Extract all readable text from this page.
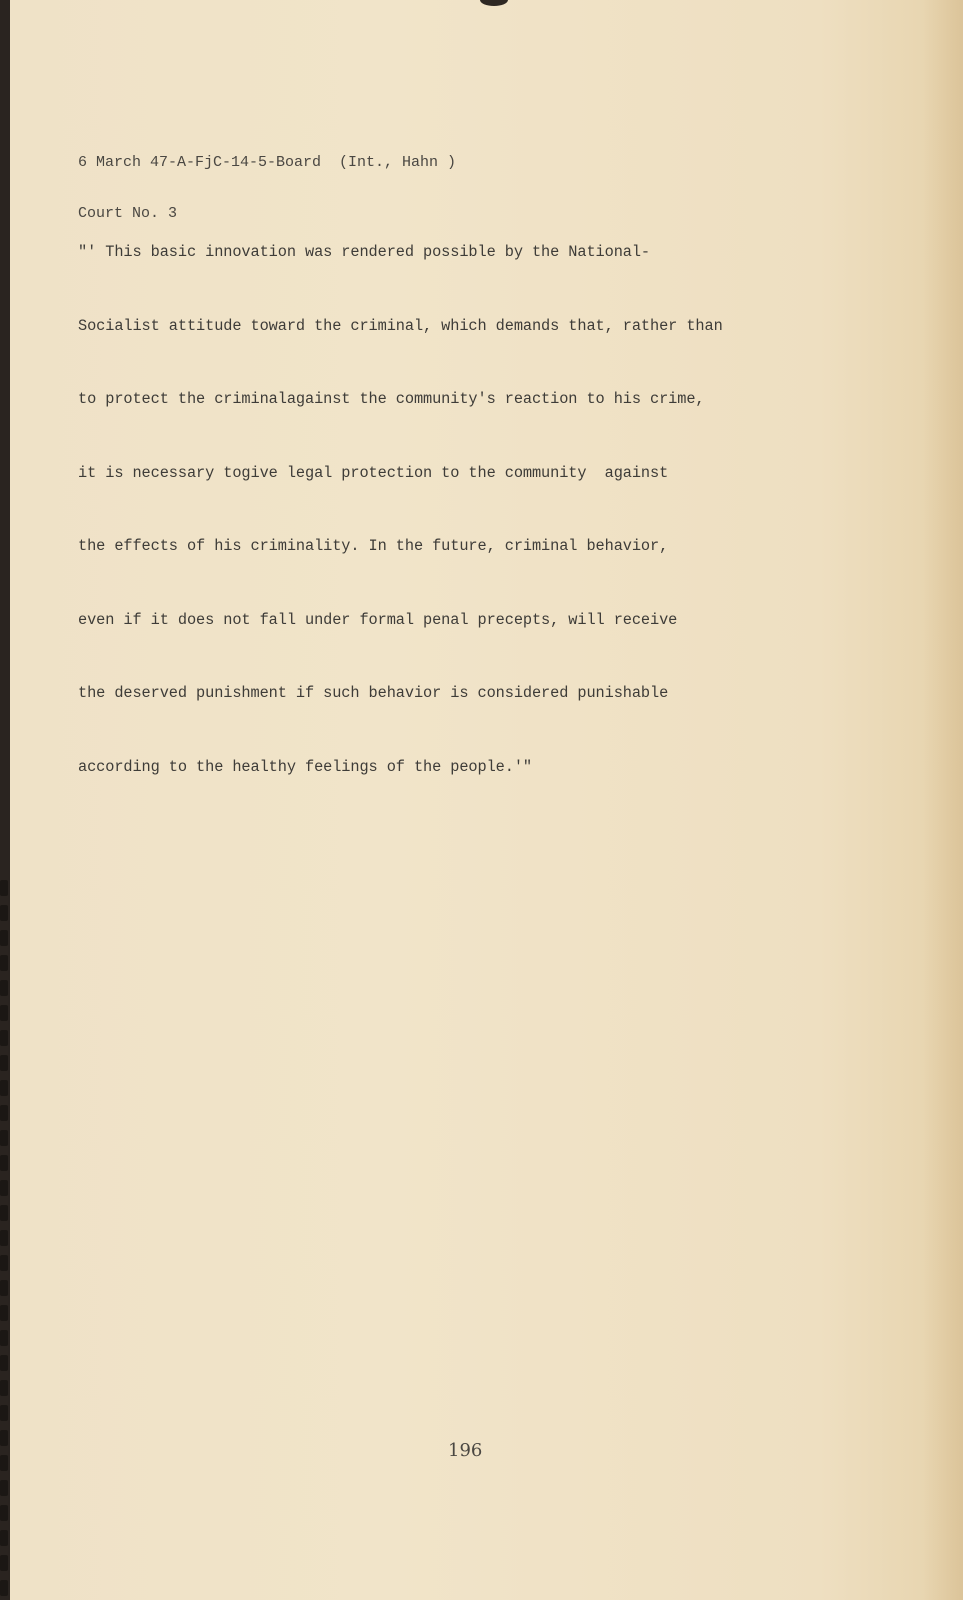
6 March 47-A-FjC-14-5-Board  (Int., Hahn )

Court No. 3

"' This basic innovation was rendered possible by the National-

Socialist attitude toward the criminal, which demands that, rather than

to protect the criminalagainst the community's reaction to his crime,

it is necessary togive legal protection to the community  against

the effects of his criminality. In the future, criminal behavior,

even if it does not fall under formal penal precepts, will receive

the deserved punishment if such behavior is considered punishable

according to the healthy feelings of the people.'"

196
